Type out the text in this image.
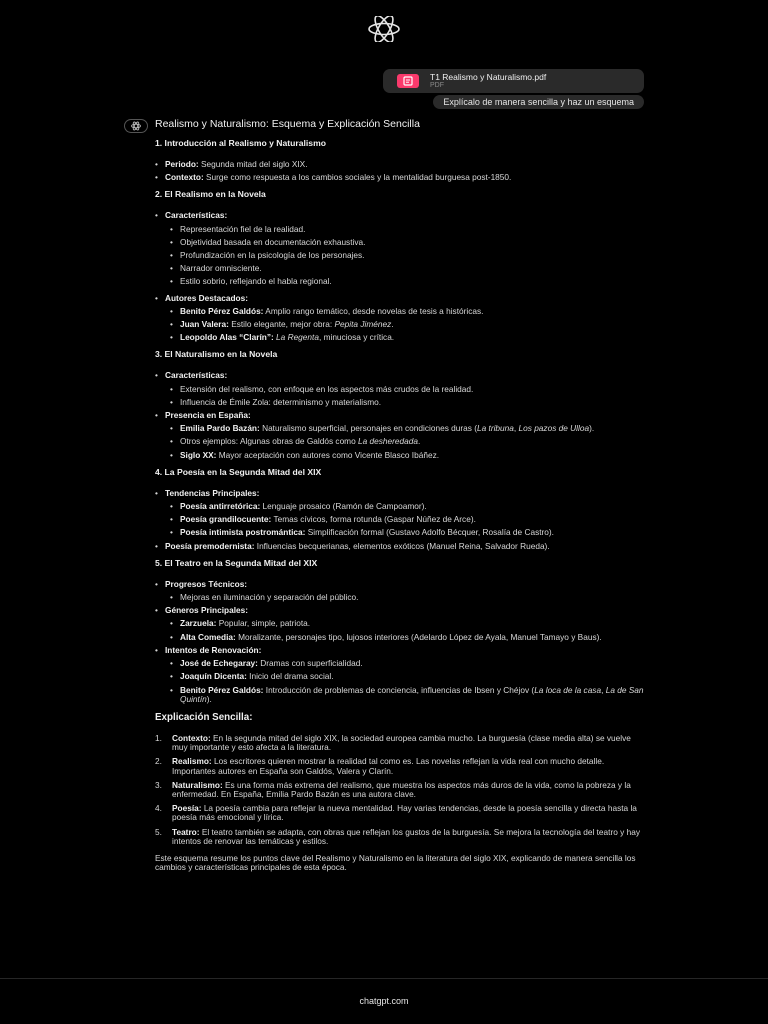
T1 Realismo y Naturalismo.pdf
PDF
Explícalo de manera sencilla y haz un esquema
Realismo y Naturalismo: Esquema y Explicación Sencilla
1. Introducción al Realismo y Naturalismo
• Periodo: Segunda mitad del siglo XIX.
• Contexto: Surge como respuesta a los cambios sociales y la mentalidad burguesa post-1850.
2. El Realismo en la Novela
• Características:
• Representación fiel de la realidad.
• Objetividad basada en documentación exhaustiva.
• Profundización en la psicología de los personajes.
• Narrador omnisciente.
• Estilo sobrio, reflejando el habla regional.
• Autores Destacados:
• Benito Pérez Galdós: Amplio rango temático, desde novelas de tesis a históricas.
• Juan Valera: Estilo elegante, mejor obra: Pepita Jiménez.
• Leopoldo Alas “Clarín”: La Regenta, minuciosa y crítica.
3. El Naturalismo en la Novela
• Características:
• Extensión del realismo, con enfoque en los aspectos más crudos de la realidad.
• Influencia de Émile Zola: determinismo y materialismo.
• Presencia en España:
• Emilia Pardo Bazán: Naturalismo superficial, personajes en condiciones duras (La tribuna, Los pazos de Ulloa).
• Otros ejemplos: Algunas obras de Galdós como La desheredada.
• Siglo XX: Mayor aceptación con autores como Vicente Blasco Ibáñez.
4. La Poesía en la Segunda Mitad del XIX
• Tendencias Principales:
• Poesía antirretórica: Lenguaje prosaico (Ramón de Campoamor).
• Poesía grandilocuente: Temas cívicos, forma rotunda (Gaspar Núñez de Arce).
• Poesía intimista postromántica: Simplificación formal (Gustavo Adolfo Bécquer, Rosalía de Castro).
• Poesía premodernista: Influencias becquerianas, elementos exóticos (Manuel Reina, Salvador Rueda).
5. El Teatro en la Segunda Mitad del XIX
• Progresos Técnicos:
• Mejoras en iluminación y separación del público.
• Géneros Principales:
• Zarzuela: Popular, simple, patriota.
• Alta Comedia: Moralizante, personajes tipo, lujosos interiores (Adelardo López de Ayala, Manuel Tamayo y Baus).
• Intentos de Renovación:
• José de Echegaray: Dramas con superficialidad.
• Joaquín Dicenta: Inicio del drama social.
• Benito Pérez Galdós: Introducción de problemas de conciencia, influencias de Ibsen y Chéjov (La loca de la casa, La de San Quintín).
Explicación Sencilla:
1. Contexto: En la segunda mitad del siglo XIX, la sociedad europea cambia mucho. La burguesía (clase media alta) se vuelve muy importante y esto afecta a la literatura.
2. Realismo: Los escritores quieren mostrar la realidad tal como es. Las novelas reflejan la vida real con mucho detalle. Importantes autores en España son Galdós, Valera y Clarín.
3. Naturalismo: Es una forma más extrema del realismo, que muestra los aspectos más duros de la vida, como la pobreza y la enfermedad. En España, Emilia Pardo Bazán es una autora clave.
4. Poesía: La poesía cambia para reflejar la nueva mentalidad. Hay varias tendencias, desde la poesía sencilla y directa hasta la poesía más emocional y lírica.
5. Teatro: El teatro también se adapta, con obras que reflejan los gustos de la burguesía. Se mejora la tecnología del teatro y hay intentos de renovar las temáticas y estilos.
Este esquema resume los puntos clave del Realismo y Naturalismo en la literatura del siglo XIX, explicando de manera sencilla los cambios y características principales de esta época.
chatgpt.com
